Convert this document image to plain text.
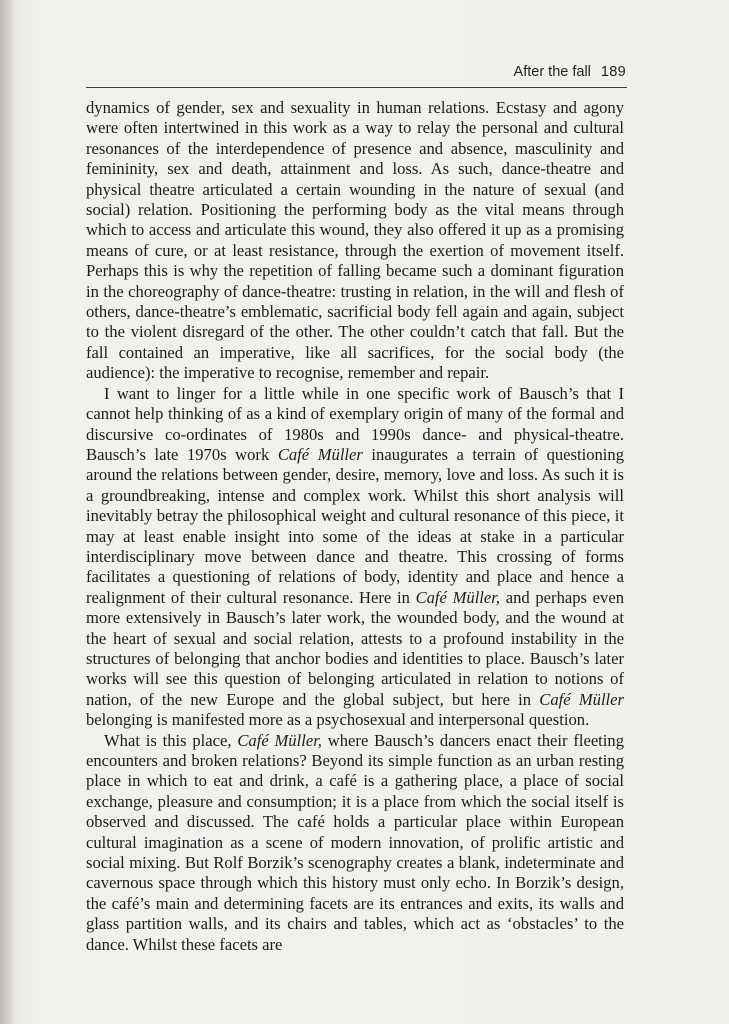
After the fall 189

dynamics of gender, sex and sexuality in human relations. Ecstasy and agony were often intertwined in this work as a way to relay the personal and cultural resonances of the interdependence of presence and absence, masculinity and femininity, sex and death, attainment and loss. As such, dance-theatre and physical theatre articulated a certain wounding in the nature of sexual (and social) relation. Positioning the performing body as the vital means through which to access and articulate this wound, they also offered it up as a promising means of cure, or at least resistance, through the exertion of movement itself. Perhaps this is why the repetition of falling became such a dominant figuration in the choreography of dance-theatre: trusting in relation, in the will and flesh of others, dance-theatre’s emblematic, sacrificial body fell again and again, subject to the violent disregard of the other. The other couldn’t catch that fall. But the fall contained an imperative, like all sacrifices, for the social body (the audience): the imperative to recognise, remember and repair.

I want to linger for a little while in one specific work of Bausch’s that I cannot help thinking of as a kind of exemplary origin of many of the formal and discursive co-ordinates of 1980s and 1990s dance- and physical-theatre. Bausch’s late 1970s work Café Müller inaugurates a terrain of questioning around the relations between gender, desire, memory, love and loss. As such it is a groundbreaking, intense and complex work. Whilst this short analysis will inevitably betray the philosophical weight and cultural resonance of this piece, it may at least enable insight into some of the ideas at stake in a particular interdisciplinary move between dance and theatre. This crossing of forms facilitates a questioning of relations of body, identity and place and hence a realignment of their cultural resonance. Here in Café Müller, and perhaps even more extensively in Bausch’s later work, the wounded body, and the wound at the heart of sexual and social relation, attests to a profound instability in the structures of belonging that anchor bodies and identities to place. Bausch’s later works will see this question of belonging articulated in relation to notions of nation, of the new Europe and the global subject, but here in Café Müller belonging is manifested more as a psychosexual and interpersonal question.

What is this place, Café Müller, where Bausch’s dancers enact their fleeting encounters and broken relations? Beyond its simple function as an urban resting place in which to eat and drink, a café is a gathering place, a place of social exchange, pleasure and consumption; it is a place from which the social itself is observed and discussed. The café holds a particular place within European cultural imagination as a scene of modern innovation, of prolific artistic and social mixing. But Rolf Borzik’s scenography creates a blank, indeterminate and cavernous space through which this history must only echo. In Borzik’s design, the café’s main and determining facets are its entrances and exits, its walls and glass partition walls, and its chairs and tables, which act as ‘obstacles’ to the dance. Whilst these facets are
